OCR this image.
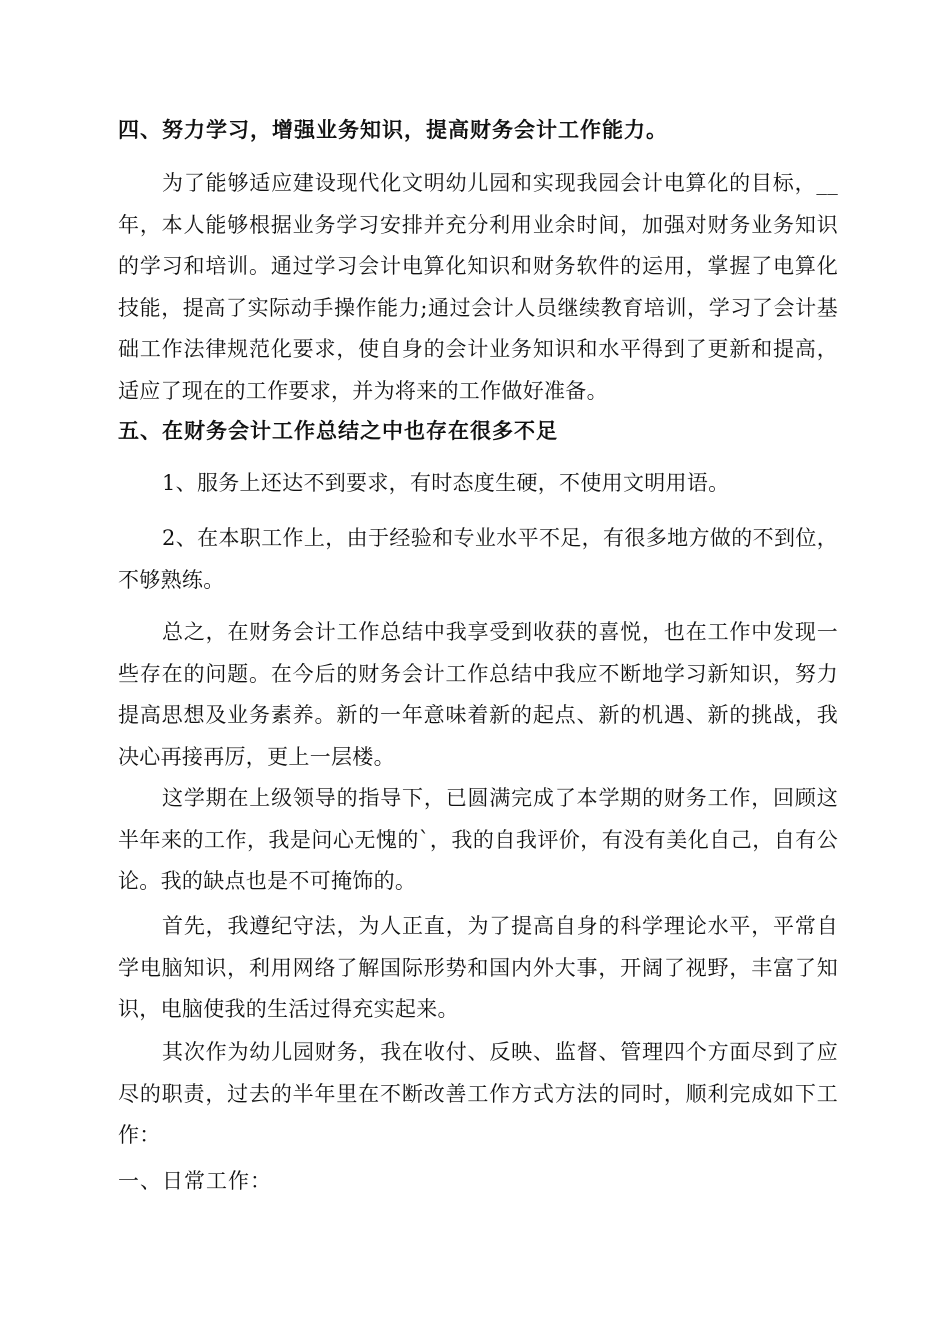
四、努力学习，增强业务知识，提高财务会计工作能力。

为了能够适应建设现代化文明幼儿园和实现我园会计电算化的目标，__年，本人能够根据业务学习安排并充分利用业余时间，加强对财务业务知识的学习和培训。通过学习会计电算化知识和财务软件的运用，掌握了电算化技能，提高了实际动手操作能力;通过会计人员继续教育培训，学习了会计基础工作法律规范化要求，使自身的会计业务知识和水平得到了更新和提高，适应了现在的工作要求，并为将来的工作做好准备。

五、在财务会计工作总结之中也存在很多不足

1、服务上还达不到要求，有时态度生硬，不使用文明用语。

2、在本职工作上，由于经验和专业水平不足，有很多地方做的不到位，不够熟练。

总之，在财务会计工作总结中我享受到收获的喜悦，也在工作中发现一些存在的问题。在今后的财务会计工作总结中我应不断地学习新知识，努力提高思想及业务素养。新的一年意味着新的起点、新的机遇、新的挑战，我决心再接再厉，更上一层楼。

这学期在上级领导的指导下，已圆满完成了本学期的财务工作，回顾这半年来的工作，我是问心无愧的`，我的自我评价，有没有美化自己，自有公论。我的缺点也是不可掩饰的。

首先，我遵纪守法，为人正直，为了提高自身的科学理论水平，平常自学电脑知识，利用网络了解国际形势和国内外大事，开阔了视野，丰富了知识，电脑使我的生活过得充实起来。

其次作为幼儿园财务，我在收付、反映、监督、管理四个方面尽到了应尽的职责，过去的半年里在不断改善工作方式方法的同时，顺利完成如下工作：

一、日常工作：
